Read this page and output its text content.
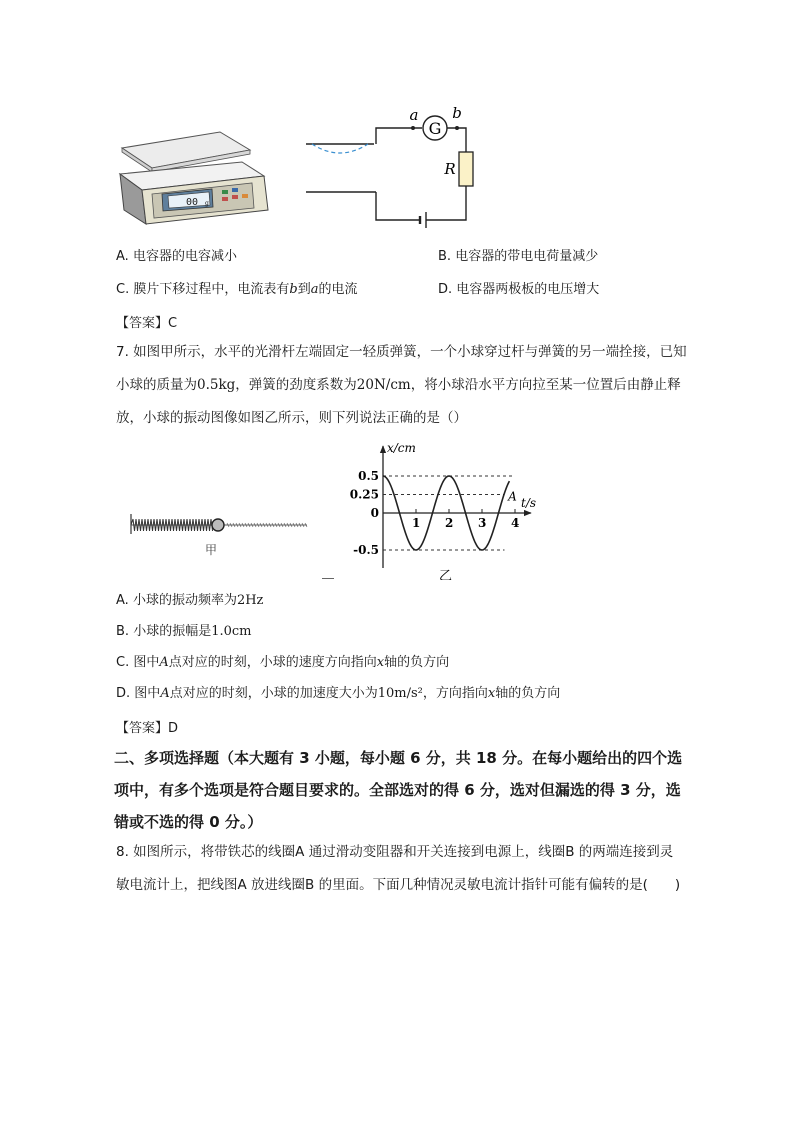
00 g
a b
G
R
A. 电容器的电容减小	B. 电容器的带电电荷量减少
C. 膜片下移过程中，电流表有b到a的电流	D. 电容器两极板的电压增大
【答案】C
7. 如图甲所示，水平的光滑杆左端固定一轻质弹簧，一个小球穿过杆与弹簧的另一端拴接，已知
小球的质量为0.5kg，弹簧的劲度系数为20N/cm，将小球沿水平方向拉至某一位置后由静止释
放，小球的振动图像如图乙所示，则下列说法正确的是（）
甲
1 2 3 4
0.5
0.25
0
-0.5
x/cm
t/s
A
乙
A. 小球的振动频率为2Hz
B. 小球的振幅是1.0cm
C. 图中A点对应的时刻，小球的速度方向指向x轴的负方向
D. 图中A点对应的时刻，小球的加速度大小为10m/s²，方向指向x轴的负方向
【答案】D
二、多项选择题（本大题有 3 小题，每小题 6 分，共 18 分。在每小题给出的四个选
项中，有多个选项是符合题目要求的。全部选对的得 6 分，选对但漏选的得 3 分，选
错或不选的得 0 分。）
8. 如图所示，将带铁芯的线圈A 通过滑动变阻器和开关连接到电源上，线圈B 的两端连接到灵
敏电流计上，把线图A 放进线圈B 的里面。下面几种情况灵敏电流计指针可能有偏转的是(　　)
